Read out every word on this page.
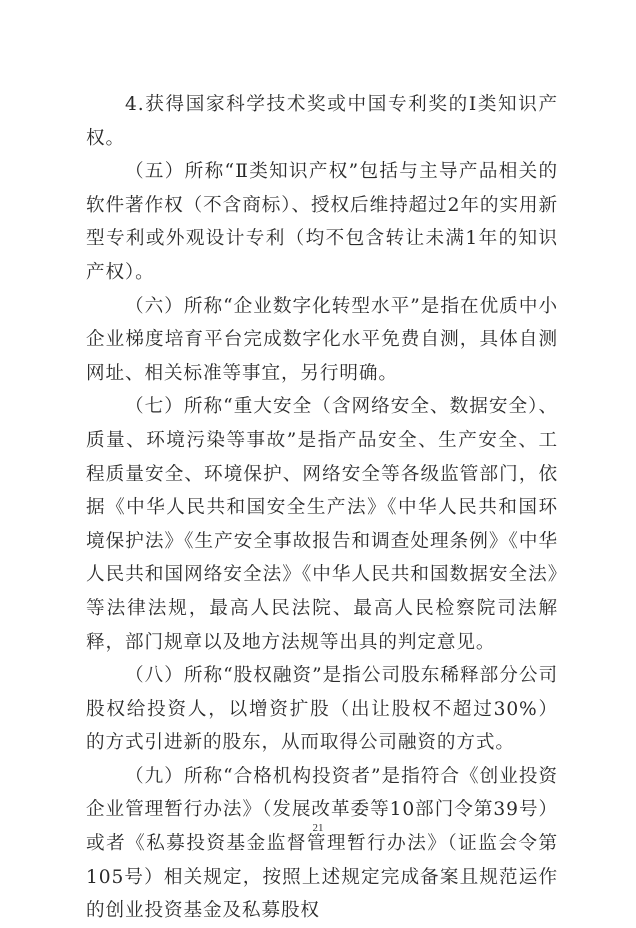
4.获得国家科学技术奖或中国专利奖的Ⅰ类知识产权。

（五）所称“Ⅱ类知识产权”包括与主导产品相关的软件著作权（不含商标）、授权后维持超过2年的实用新型专利或外观设计专利（均不包含转让未满1年的知识产权）。

（六）所称“企业数字化转型水平”是指在优质中小企业梯度培育平台完成数字化水平免费自测，具体自测网址、相关标准等事宜，另行明确。

（七）所称“重大安全（含网络安全、数据安全）、质量、环境污染等事故”是指产品安全、生产安全、工程质量安全、环境保护、网络安全等各级监管部门，依据《中华人民共和国安全生产法》《中华人民共和国环境保护法》《生产安全事故报告和调查处理条例》《中华人民共和国网络安全法》《中华人民共和国数据安全法》等法律法规，最高人民法院、最高人民检察院司法解释，部门规章以及地方法规等出具的判定意见。

（八）所称“股权融资”是指公司股东稀释部分公司股权给投资人，以增资扩股（出让股权不超过30%）的方式引进新的股东，从而取得公司融资的方式。

（九）所称“合格机构投资者”是指符合《创业投资企业管理暂行办法》（发展改革委等10部门令第39号）或者《私募投资基金监督管理暂行办法》（证监会令第105号）相关规定，按照上述规定完成备案且规范运作的创业投资基金及私募股权

21
